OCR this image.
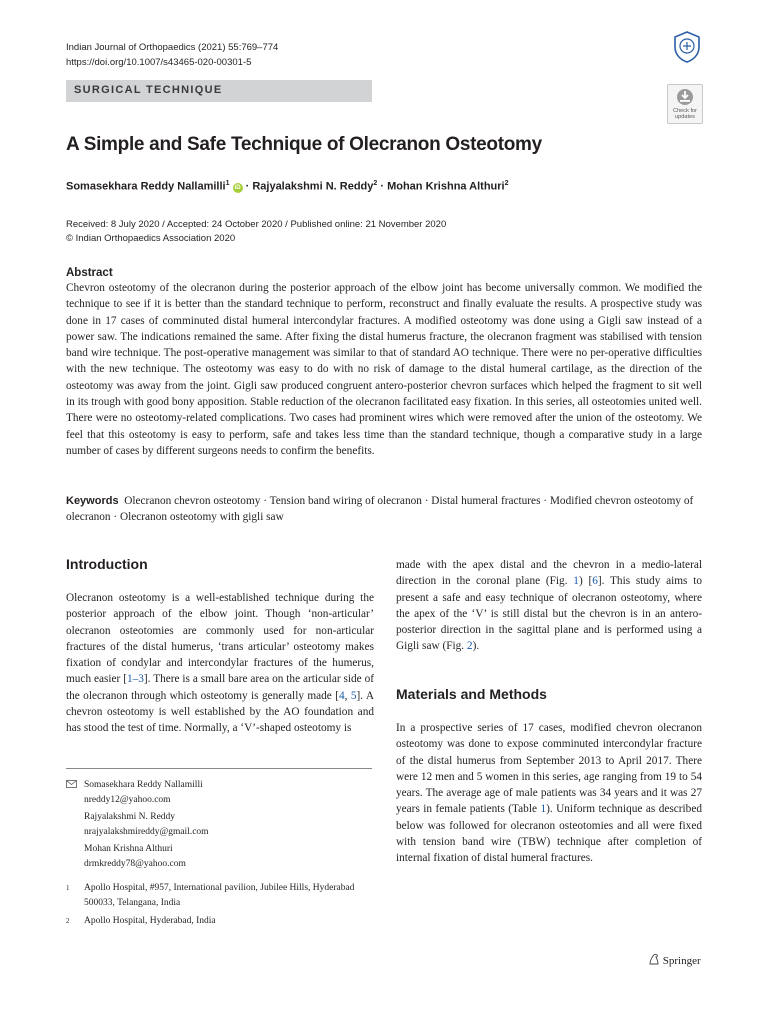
Indian Journal of Orthopaedics (2021) 55:769–774
https://doi.org/10.1007/s43465-020-00301-5
SURGICAL TECHNIQUE
Check for
updates
A Simple and Safe Technique of Olecranon Osteotomy
Somasekhara Reddy Nallamilli$^1$ iD · Rajyalakshmi N. Reddy$^2$ · Mohan Krishna Althuri$^2$
Received: 8 July 2020 / Accepted: 24 October 2020 / Published online: 21 November 2020
© Indian Orthopaedics Association 2020
Abstract
Chevron osteotomy of the olecranon during the posterior approach of the elbow joint has become universally common. We modified the technique to see if it is better than the standard technique to perform, reconstruct and finally evaluate the results. A prospective study was done in 17 cases of comminuted distal humeral intercondylar fractures. A modified osteotomy was done using a Gigli saw instead of a power saw. The indications remained the same. After fixing the distal humerus fracture, the olecranon fragment was stabilised with tension band wire technique. The post-operative management was similar to that of standard AO technique. There were no per-operative difficulties with the new technique. The osteotomy was easy to do with no risk of damage to the distal humeral cartilage, as the direction of the osteotomy was away from the joint. Gigli saw produced congruent antero-posterior chevron surfaces which helped the fragment to sit well in its trough with good bony apposition. Stable reduction of the olecranon facilitated easy fixation. In this series, all osteotomies united well. There were no osteotomy-related complications. Two cases had prominent wires which were removed after the union of the osteotomy. We feel that this osteotomy is easy to perform, safe and takes less time than the standard technique, though a comparative study in a large number of cases by different surgeons needs to confirm the benefits.
Keywords Olecranon chevron osteotomy · Tension band wiring of olecranon · Distal humeral fractures · Modified chevron osteotomy of olecranon · Olecranon osteotomy with gigli saw
Introduction
Olecranon osteotomy is a well-established technique during the posterior approach of the elbow joint. Though ‘non-articular’ olecranon osteotomies are commonly used for non-articular fractures of the distal humerus, ‘trans articular’ osteotomy makes fixation of condylar and intercondylar fractures of the humerus, much easier [1–3]. There is a small bare area on the articular side of the olecranon through which osteotomy is generally made [4, 5]. A chevron osteotomy is well established by the AO foundation and has stood the test of time. Normally, a ‘V’-shaped osteotomy is
made with the apex distal and the chevron in a medio-lateral direction in the coronal plane (Fig. 1) [6]. This study aims to present a safe and easy technique of olecranon osteotomy, where the apex of the ‘V’ is still distal but the chevron is in an antero-posterior direction in the sagittal plane and is performed using a Gigli saw (Fig. 2).
Materials and Methods
In a prospective series of 17 cases, modified chevron olecranon osteotomy was done to expose comminuted intercondylar fracture of the distal humerus from September 2013 to April 2017. There were 12 men and 5 women in this series, age ranging from 19 to 54 years. The average age of male patients was 34 years and it was 27 years in female patients (Table 1). Uniform technique as described below was followed for olecranon osteotomies and all were fixed with tension band wire (TBW) technique after completion of internal fixation of distal humeral fractures.
Somasekhara Reddy Nallamilli
nreddy12@yahoo.com
Rajyalakshmi N. Reddy
nrajyalakshmireddy@gmail.com
Mohan Krishna Althuri
drmkreddy78@yahoo.com
1 Apollo Hospital, #957, International pavilion, Jubilee Hills, Hyderabad 500033, Telangana, India
2 Apollo Hospital, Hyderabad, India
Springer
